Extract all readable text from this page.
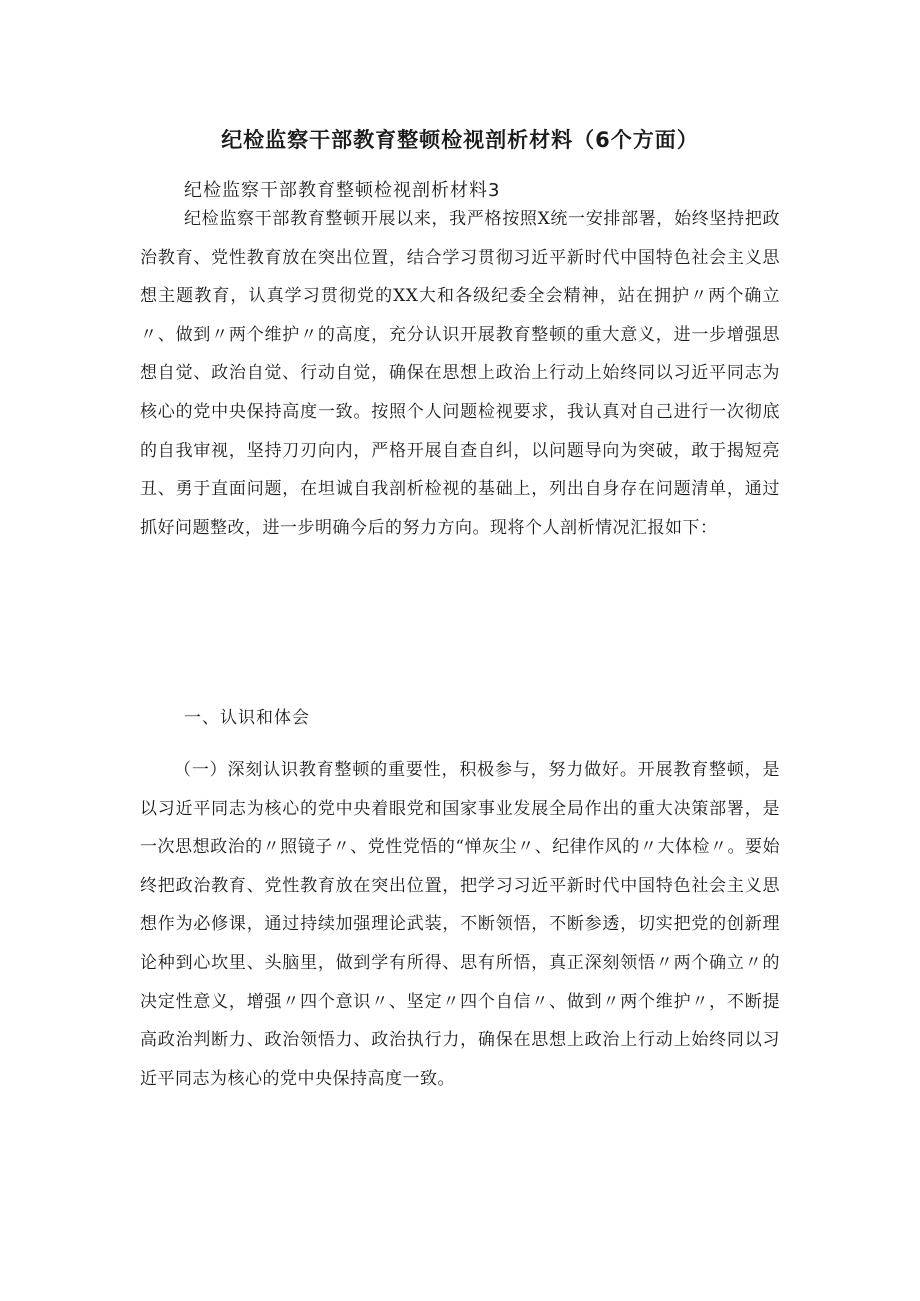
纪检监察干部教育整顿检视剖析材料（6个方面）
纪检监察干部教育整顿检视剖析材料3

纪检监察干部教育整顿开展以来，我严格按照X统一安排部署，始终坚持把政治教育、党性教育放在突出位置，结合学习贯彻习近平新时代中国特色社会主义思想主题教育，认真学习贯彻党的XX大和各级纪委全会精神，站在拥护〃两个确立〃、做到〃两个维护〃的高度，充分认识开展教育整顿的重大意义，进一步增强思想自觉、政治自觉、行动自觉，确保在思想上政治上行动上始终同以习近平同志为核心的党中央保持高度一致。按照个人问题检视要求，我认真对自己进行一次彻底的自我审视，坚持刀刃向内，严格开展自查自纠，以问题导向为突破，敢于揭短亮丑、勇于直面问题，在坦诚自我剖析检视的基础上，列出自身存在问题清单，通过抓好问题整改，进一步明确今后的努力方向。现将个人剖析情况汇报如下：

一、认识和体会

（一）深刻认识教育整顿的重要性，积极参与，努力做好。开展教育整顿，是以习近平同志为核心的党中央着眼党和国家事业发展全局作出的重大决策部署，是一次思想政治的〃照镜子〃、党性党悟的“惮灰尘〃、纪律作风的〃大体检〃。要始终把政治教育、党性教育放在突出位置，把学习习近平新时代中国特色社会主义思想作为必修课，通过持续加强理论武装，不断领悟，不断参透，切实把党的创新理论种到心坎里、头脑里，做到学有所得、思有所悟，真正深刻领悟〃两个确立〃的决定性意义，增强〃四个意识〃、坚定〃四个自信〃、做到〃两个维护〃，不断提高政治判断力、政治领悟力、政治执行力，确保在思想上政治上行动上始终同以习近平同志为核心的党中央保持高度一致。
